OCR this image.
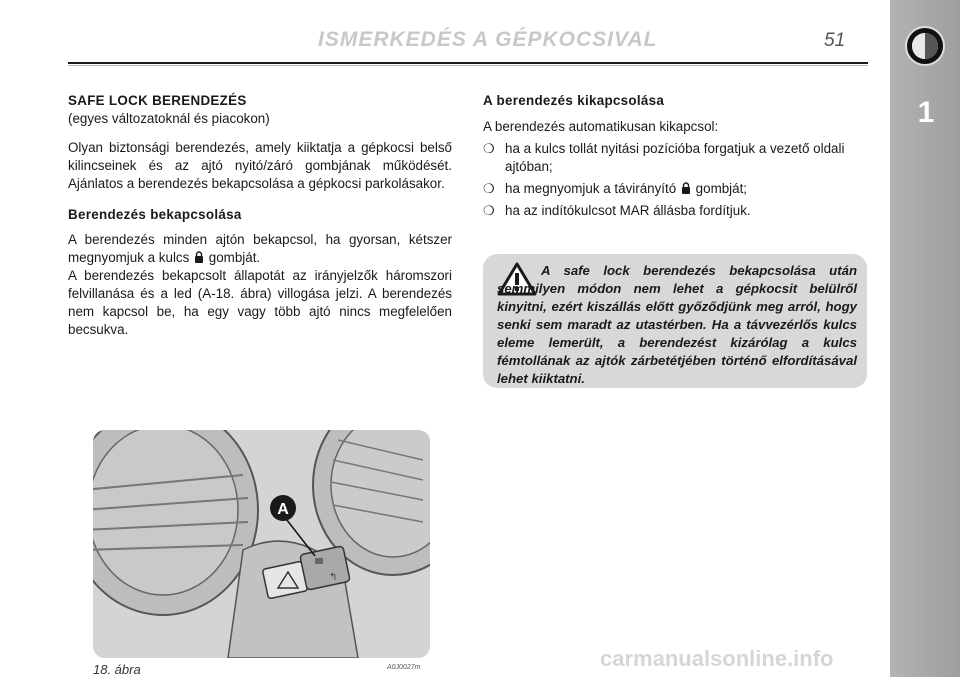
ISMERKEDÉS A GÉPKOCSIVAL	51
1
SAFE LOCK BERENDEZÉS
(egyes változatoknál és piacokon)
Olyan biztonsági berendezés, amely kiiktatja a gépkocsi belső kilincseinek és az ajtó nyitó/záró gombjának működését. Ajánlatos a berendezés bekapcsolása a gépkocsi parkolásakor.
Berendezés bekapcsolása
A berendezés minden ajtón bekapcsol, ha gyorsan, kétszer megnyomjuk a kulcs gombját.
A berendezés bekapcsolt állapotát az irányjelzők háromszori felvillanása és a led (A-18. ábra) villogása jelzi. A berendezés nem kapcsol be, ha egy vagy több ajtó nincs megfelelően becsukva.
A berendezés kikapcsolása
A berendezés automatikusan kikapcsol:
❍ ha a kulcs tollát nyitási pozícióba forgatjuk a vezető oldali ajtóban;
❍ ha megnyomjuk a távirányító gombját;
❍ ha az indítókulcsot MAR állásba fordítjuk.
A safe lock berendezés bekapcsolása után semmilyen módon nem lehet a gépkocsit belülről kinyitni, ezért kiszállás előtt győződjünk meg arról, hogy senki sem maradt az utastérben. Ha a távvezérlős kulcs eleme lemerült, a berendezést kizárólag a kulcs fémtollának az ajtók zárbetétjében történő elfordításával lehet kiiktatni.
↰
A
18. ábra	A0J0027m	carmanualsonline.info
